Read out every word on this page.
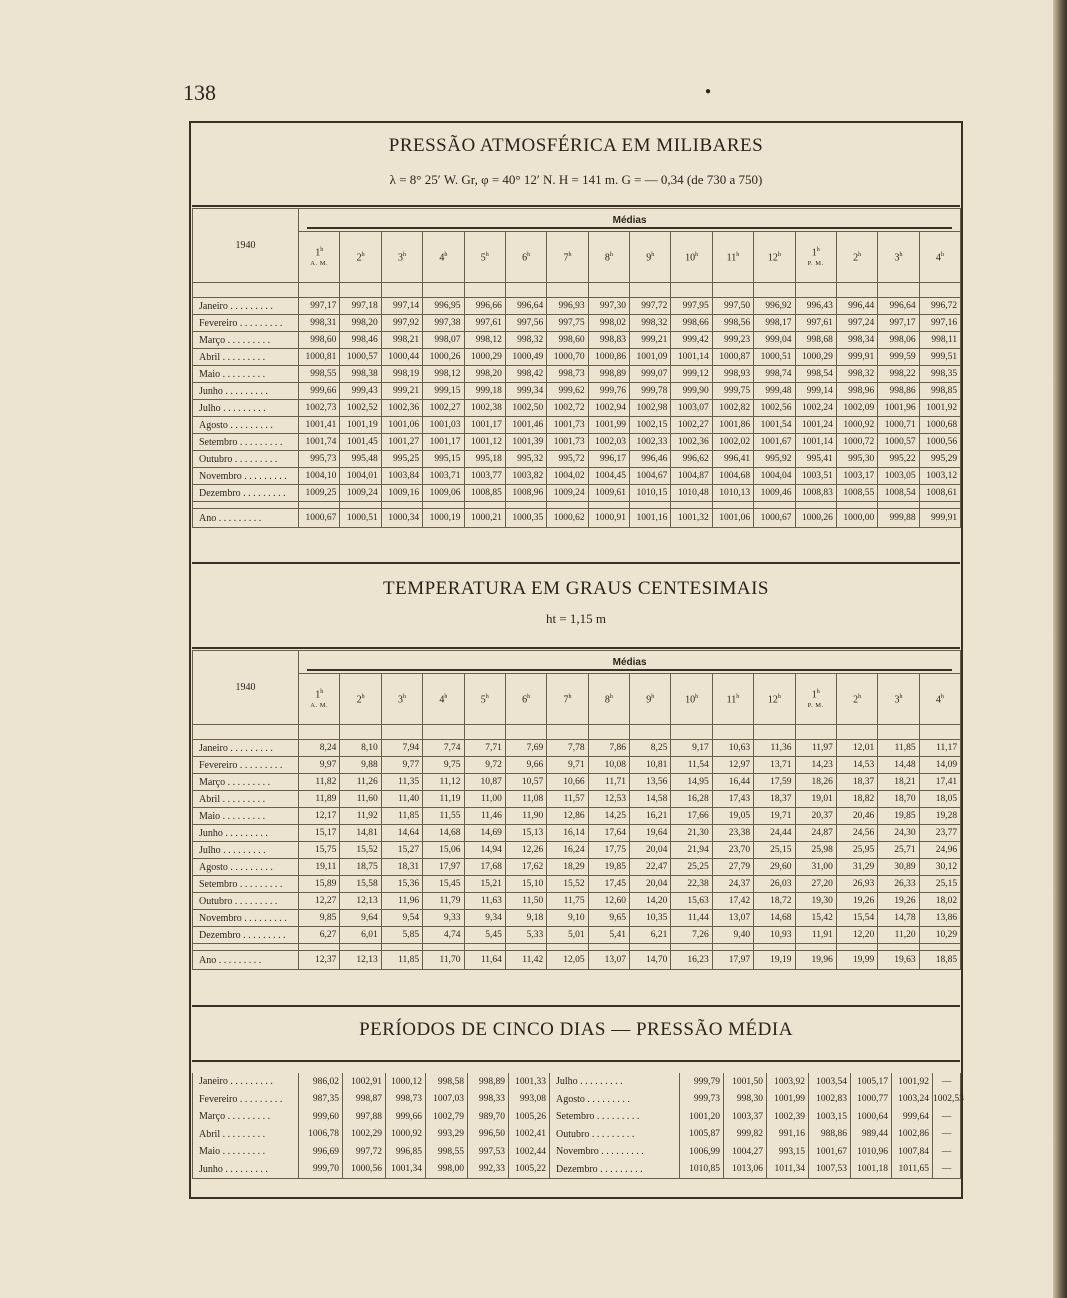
138	●
PRESSÃO ATMOSFÉRICA EM MILIBARES
λ = 8° 25′ W. Gr, φ = 40° 12′ N. H = 141 m. G = — 0,34 (de 730 a 750)
1940	Médias															

	1$^h$
A. M.	2$^h$	3$^h$	4$^h$	5$^h$	6$^h$	7$^h$	8$^h$	9$^h$	10$^h$	11$^h$	12$^h$	1$^h$
P. M.	2$^h$	3$^h$	4$^h$

Janeiro . . . . . . . . .	997,17	997,18	997,14	996,95	996,66	996,64	996,93	997,30	997,72	997,95	997,50	996,92	996,43	996,44	996,64	996,72
Fevereiro . . . . . . . . .	998,31	998,20	997,92	997,38	997,61	997,56	997,75	998,02	998,32	998,66	998,56	998,17	997,61	997,24	997,17	997,16
Março . . . . . . . . .	998,60	998,46	998,21	998,07	998,12	998,32	998,60	998,83	999,21	999,42	999,23	999,04	998,68	998,34	998,06	998,11
Abril . . . . . . . . .	1000,81	1000,57	1000,44	1000,26	1000,29	1000,49	1000,70	1000,86	1001,09	1001,14	1000,87	1000,51	1000,29	999,91	999,59	999,51
Maio . . . . . . . . .	998,55	998,38	998,19	998,12	998,20	998,42	998,73	998,89	999,07	999,12	998,93	998,74	998,54	998,32	998,22	998,35
Junho . . . . . . . . .	999,66	999,43	999,21	999,15	999,18	999,34	999,62	999,76	999,78	999,90	999,75	999,48	999,14	998,96	998,86	998,85
Julho . . . . . . . . .	1002,73	1002,52	1002,36	1002,27	1002,38	1002,50	1002,72	1002,94	1002,98	1003,07	1002,82	1002,56	1002,24	1002,09	1001,96	1001,92
Agosto . . . . . . . . .	1001,41	1001,19	1001,06	1001,03	1001,17	1001,46	1001,73	1001,99	1002,15	1002,27	1001,86	1001,54	1001,24	1000,92	1000,71	1000,68
Setembro . . . . . . . . .	1001,74	1001,45	1001,27	1001,17	1001,12	1001,39	1001,73	1002,03	1002,33	1002,36	1002,02	1001,67	1001,14	1000,72	1000,57	1000,56
Outubro . . . . . . . . .	995,73	995,48	995,25	995,15	995,18	995,32	995,72	996,17	996,46	996,62	996,41	995,92	995,41	995,30	995,22	995,29
Novembro . . . . . . . . .	1004,10	1004,01	1003,84	1003,71	1003,77	1003,82	1004,02	1004,45	1004,67	1004,87	1004,68	1004,04	1003,51	1003,17	1003,05	1003,12
Dezembro . . . . . . . . .	1009,25	1009,24	1009,16	1009,06	1008,85	1008,96	1009,24	1009,61	1010,15	1010,48	1010,13	1009,46	1008,83	1008,55	1008,54	1008,61

Ano . . . . . . . . .	1000,67	1000,51	1000,34	1000,19	1000,21	1000,35	1000,62	1000,91	1001,16	1001,32	1001,06	1000,67	1000,26	1000,00	999,88	999,91
TEMPERATURA EM GRAUS CENTESIMAIS
ht = 1,15 m
1940	Médias															

	1$^h$
A. M.	2$^h$	3$^h$	4$^h$	5$^h$	6$^h$	7$^h$	8$^h$	9$^h$	10$^h$	11$^h$	12$^h$	1$^h$
P. M.	2$^h$	3$^h$	4$^h$

Janeiro . . . . . . . . .	8,24	8,10	7,94	7,74	7,71	7,69	7,78	7,86	8,25	9,17	10,63	11,36	11,97	12,01	11,85	11,17
Fevereiro . . . . . . . . .	9,97	9,88	9,77	9,75	9,72	9,66	9,71	10,08	10,81	11,54	12,97	13,71	14,23	14,53	14,48	14,09
Março . . . . . . . . .	11,82	11,26	11,35	11,12	10,87	10,57	10,66	11,71	13,56	14,95	16,44	17,59	18,26	18,37	18,21	17,41
Abril . . . . . . . . .	11,89	11,60	11,40	11,19	11,00	11,08	11,57	12,53	14,58	16,28	17,43	18,37	19,01	18,82	18,70	18,05
Maio . . . . . . . . .	12,17	11,92	11,85	11,55	11,46	11,90	12,86	14,25	16,21	17,66	19,05	19,71	20,37	20,46	19,85	19,28
Junho . . . . . . . . .	15,17	14,81	14,64	14,68	14,69	15,13	16,14	17,64	19,64	21,30	23,38	24,44	24,87	24,56	24,30	23,77
Julho . . . . . . . . .	15,75	15,52	15,27	15,06	14,94	12,26	16,24	17,75	20,04	21,94	23,70	25,15	25,98	25,95	25,71	24,96
Agosto . . . . . . . . .	19,11	18,75	18,31	17,97	17,68	17,62	18,29	19,85	22,47	25,25	27,79	29,60	31,00	31,29	30,89	30,12
Setembro . . . . . . . . .	15,89	15,58	15,36	15,45	15,21	15,10	15,52	17,45	20,04	22,38	24,37	26,03	27,20	26,93	26,33	25,15
Outubro . . . . . . . . .	12,27	12,13	11,96	11,79	11,63	11,50	11,75	12,60	14,20	15,63	17,42	18,72	19,30	19,26	19,26	18,02
Novembro . . . . . . . . .	9,85	9,64	9,54	9,33	9,34	9,18	9,10	9,65	10,35	11,44	13,07	14,68	15,42	15,54	14,78	13,86
Dezembro . . . . . . . . .	6,27	6,01	5,85	4,74	5,45	5,33	5,01	5,41	6,21	7,26	9,40	10,93	11,91	12,20	11,20	10,29

Ano . . . . . . . . .	12,37	12,13	11,85	11,70	11,64	11,42	12,05	13,07	14,70	16,23	17,97	19,19	19,96	19,99	19,63	18,85
PERÍODOS DE CINCO DIAS — PRESSÃO MÉDIA
Janeiro . . . . . . . . .	986,02	1002,91	1000,12	998,58	998,89	1001,33	Julho . . . . . . . . .	999,79	1001,50	1003,92	1003,54	1005,17	1001,92	—
Fevereiro . . . . . . . . .	987,35	998,87	998,73	1007,03	998,33	993,08	Agosto . . . . . . . . .	999,73	998,30	1001,99	1002,83	1000,77	1003,24	1002,53
Março . . . . . . . . .	999,60	997,88	999,66	1002,79	989,70	1005,26	Setembro . . . . . . . . .	1001,20	1003,37	1002,39	1003,15	1000,64	999,64	—
Abril . . . . . . . . .	1006,78	1002,29	1000,92	993,29	996,50	1002,41	Outubro . . . . . . . . .	1005,87	999,82	991,16	988,86	989,44	1002,86	—
Maio . . . . . . . . .	996,69	997,72	996,85	998,55	997,53	1002,44	Novembro . . . . . . . . .	1006,99	1004,27	993,15	1001,67	1010,96	1007,84	—
Junho . . . . . . . . .	999,70	1000,56	1001,34	998,00	992,33	1005,22	Dezembro . . . . . . . . .	1010,85	1013,06	1011,34	1007,53	1001,18	1011,65	—
